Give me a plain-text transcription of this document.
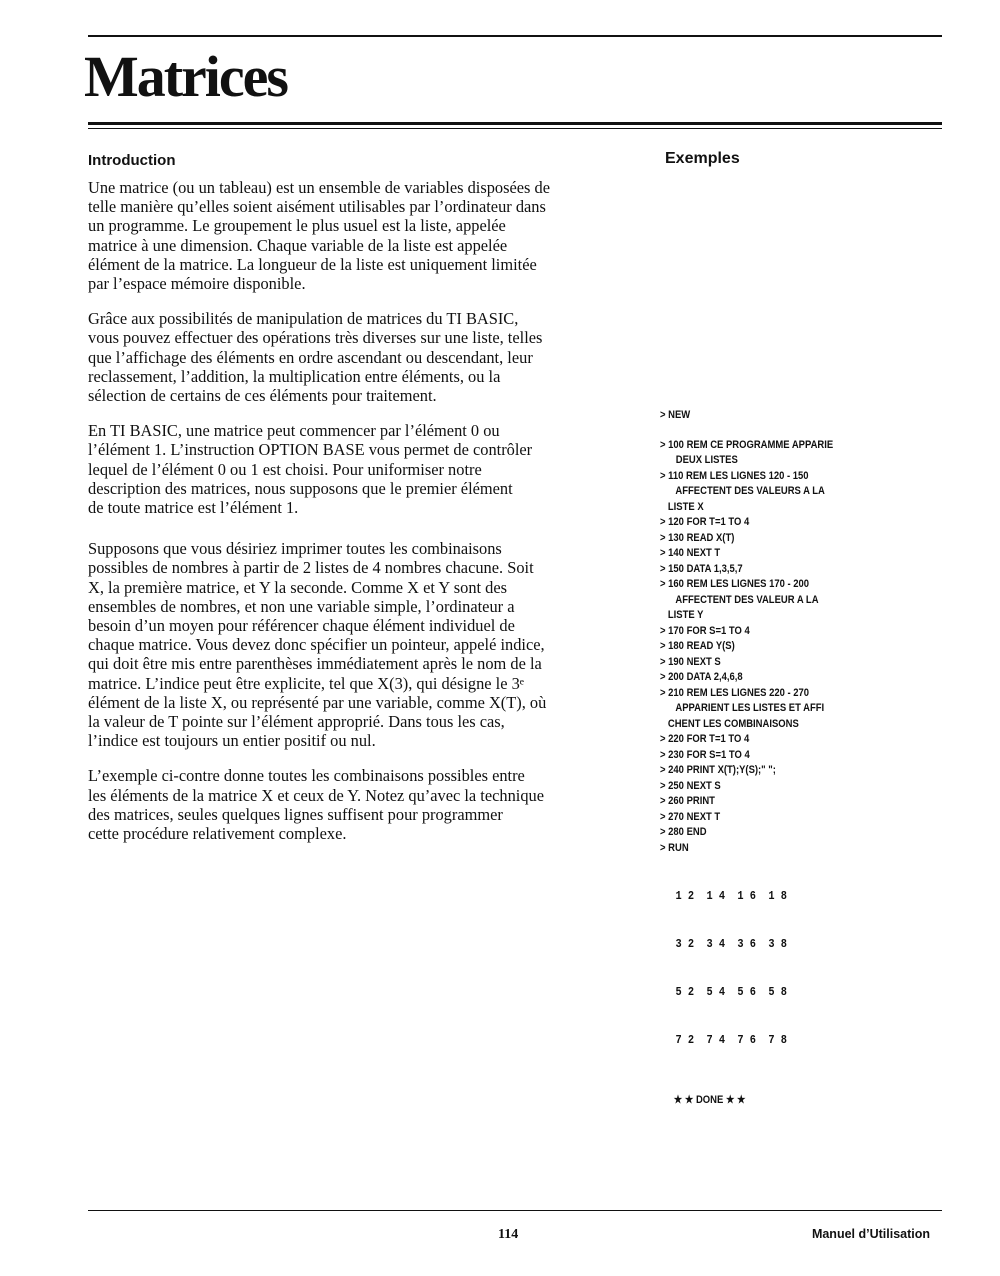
Matrices
Introduction	Exemples

Une matrice (ou un tableau) est un ensemble de variables disposées de
telle manière qu’elles soient aisément utilisables par l’ordinateur dans
un programme. Le groupement le plus usuel est la liste, appelée
matrice à une dimension. Chaque variable de la liste est appelée
élément de la matrice. La longueur de la liste est uniquement limitée
par l’espace mémoire disponible.

Grâce aux possibilités de manipulation de matrices du TI BASIC,
vous pouvez effectuer des opérations très diverses sur une liste, telles
que l’affichage des éléments en ordre ascendant ou descendant, leur
reclassement, l’addition, la multiplication entre éléments, ou la
sélection de certains de ces éléments pour traitement.

En TI BASIC, une matrice peut commencer par l’élément 0 ou
l’élément 1. L’instruction OPTION BASE vous permet de contrôler
lequel de l’élément 0 ou 1 est choisi. Pour uniformiser notre
description des matrices, nous supposons que le premier élément
de toute matrice est l’élément 1.

Supposons que vous désiriez imprimer toutes les combinaisons
possibles de nombres à partir de 2 listes de 4 nombres chacune. Soit
X, la première matrice, et Y la seconde. Comme X et Y sont des
ensembles de nombres, et non une variable simple, l’ordinateur a
besoin d’un moyen pour référencer chaque élément individuel de
chaque matrice. Vous devez donc spécifier un pointeur, appelé indice,
qui doit être mis entre parenthèses immédiatement après le nom de la
matrice. L’indice peut être explicite, tel que X(3), qui désigne le 3ᵉ
élément de la liste X, ou représenté par une variable, comme X(T), où
la valeur de T pointe sur l’élément approprié. Dans tous les cas,
l’indice est toujours un entier positif ou nul.

L’exemple ci-contre donne toutes les combinaisons possibles entre
les éléments de la matrice X et ceux de Y. Notez qu’avec la technique
des matrices, seules quelques lignes suffisent pour programmer
cette procédure relativement complexe.

> NEW
> 100 REM CE PROGRAMME APPARIE
DEUX LISTES
> 110 REM LES LIGNES 120 - 150
AFFECTENT DES VALEURS A LA
LISTE X
> 120 FOR T=1 TO 4
> 130 READ X(T)
> 140 NEXT T
> 150 DATA 1,3,5,7
> 160 REM LES LIGNES 170 - 200
AFFECTENT DES VALEUR A LA
LISTE Y
> 170 FOR S=1 TO 4
> 180 READ Y(S)
> 190 NEXT S
> 200 DATA 2,4,6,8
> 210 REM LES LIGNES 220 - 270
APPARIENT LES LISTES ET AFFI
CHENT LES COMBINAISONS
> 220 FOR T=1 TO 4
> 230 FOR S=1 TO 4
> 240 PRINT X(T);Y(S);" ";
> 250 NEXT S
> 260 PRINT
> 270 NEXT T
> 280 END
> RUN

1 2  1 4  1 6  1 8

3 2  3 4  3 6  3 8

5 2  5 4  5 6  5 8

7 2  7 4  7 6  7 8

★ ★ DONE ★ ★
114	Manuel d’Utilisation
